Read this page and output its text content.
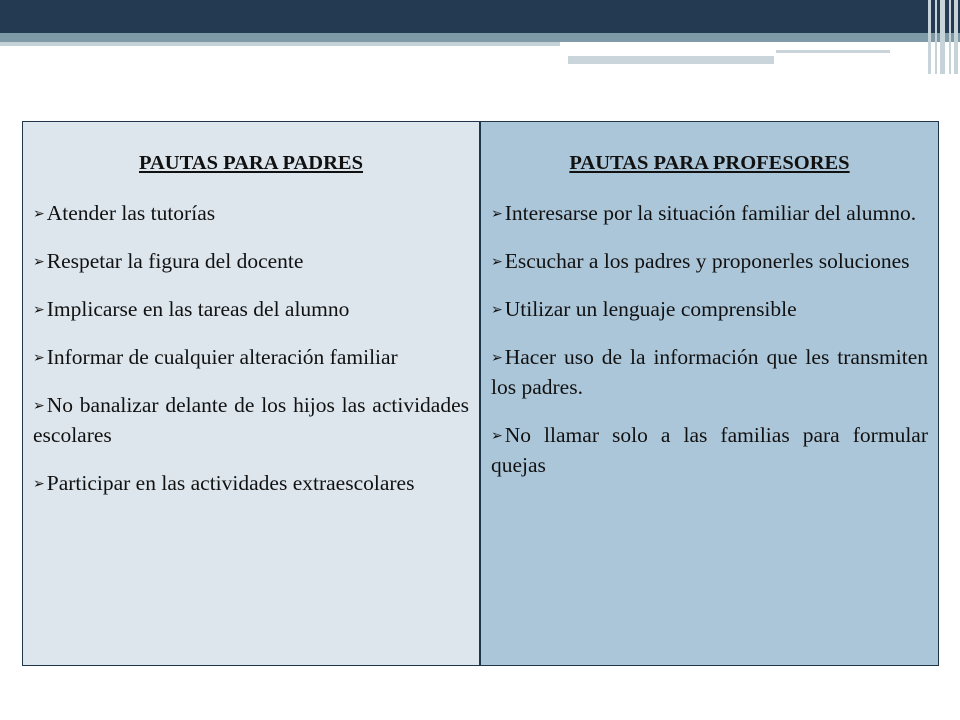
PAUTAS PARA PADRES
➢Atender las tutorías
➢Respetar la figura del docente
➢Implicarse en las tareas del alumno
➢Informar de cualquier alteración familiar
➢No banalizar delante de los hijos las actividades escolares
➢Participar en las actividades extraescolares
PAUTAS PARA PROFESORES
➢Interesarse por la situación familiar del alumno.
➢Escuchar a los padres y proponerles soluciones
➢Utilizar un lenguaje comprensible
➢Hacer uso de la información que les transmiten los padres.
➢No llamar solo a las familias para formular quejas
